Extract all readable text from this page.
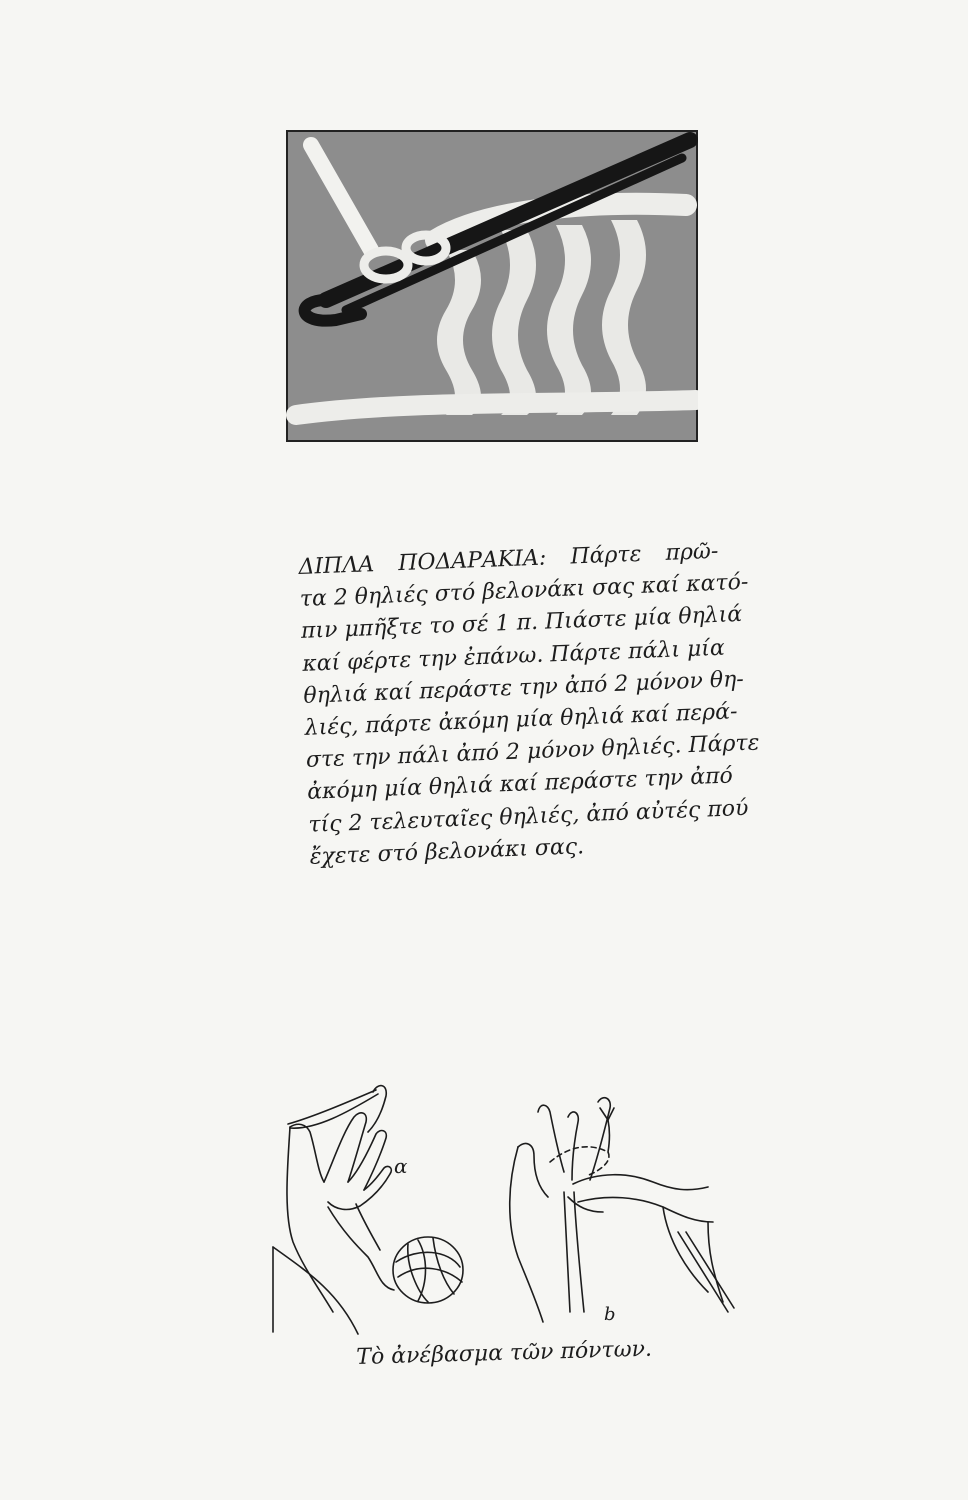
ΔΙΠΛΑ ΠΟΔΑΡΑΚΙΑ: Πάρτε πρῶ-
τα 2 θηλιές στό βελονάκι σας καί κατό-
πιν μπῆξτε το σέ 1 π. Πιάστε μία θηλιά
καί φέρτε την ἐπάνω. Πάρτε πάλι μία
θηλιά καί περάστε την ἀπό 2 μόνον θη-
λιές, πάρτε ἀκόμη μία θηλιά καί περά-
στε την πάλι ἀπό 2 μόνον θηλιές. Πάρτε
ἀκόμη μία θηλιά καί περάστε την ἀπό
τίς 2 τελευταῖες θηλιές, ἀπό αὐτές πού
ἔχετε στό βελονάκι σας.
α
b
Τὸ ἀνέβασμα τῶν πόντων.
